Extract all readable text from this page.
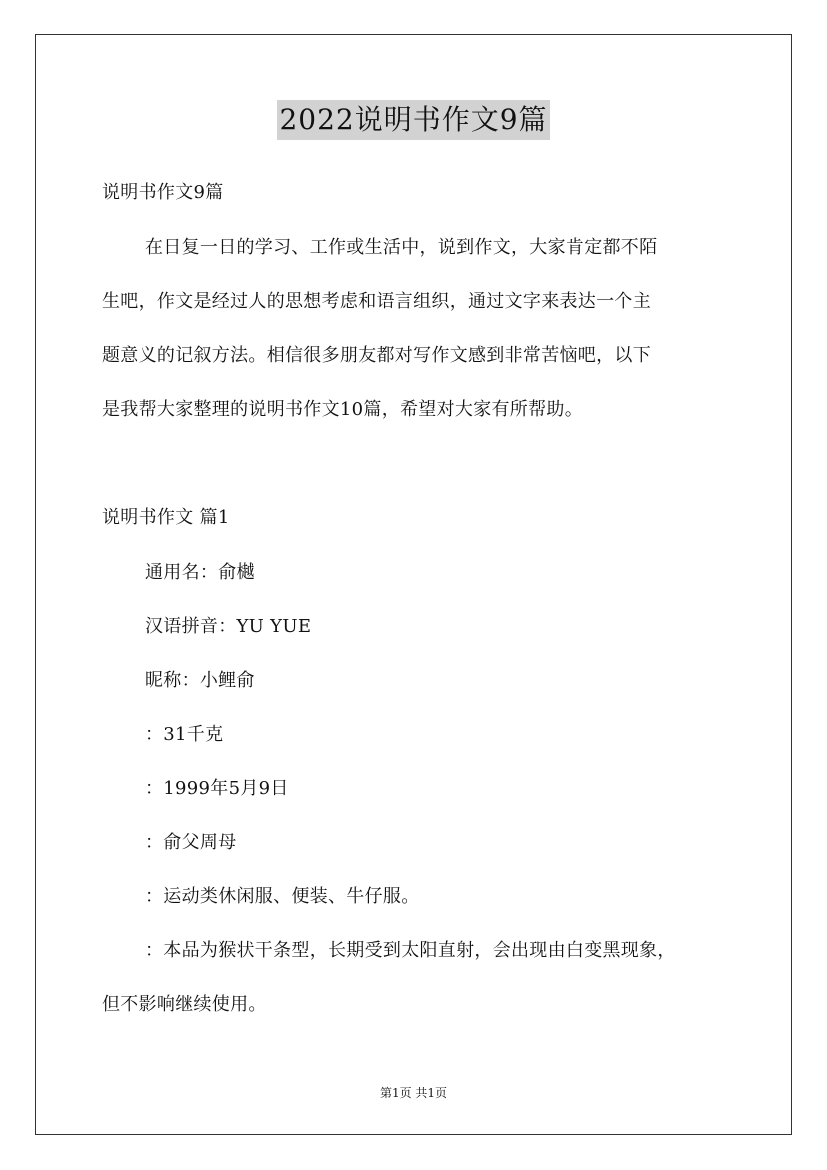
2022说明书作文9篇
说明书作文9篇
在日复一日的学习、工作或生活中，说到作文，大家肯定都不陌
生吧，作文是经过人的思想考虑和语言组织，通过文字来表达一个主
题意义的记叙方法。相信很多朋友都对写作文感到非常苦恼吧，以下
是我帮大家整理的说明书作文10篇，希望对大家有所帮助。
说明书作文 篇1
通用名：俞樾
汉语拼音：YU YUE
昵称：小鲤俞
：31千克
：1999年5月9日
：俞父周母
：运动类休闲服、便装、牛仔服。
：本品为猴状干条型，长期受到太阳直射，会出现由白变黑现象，
但不影响继续使用。
第1页 共1页
